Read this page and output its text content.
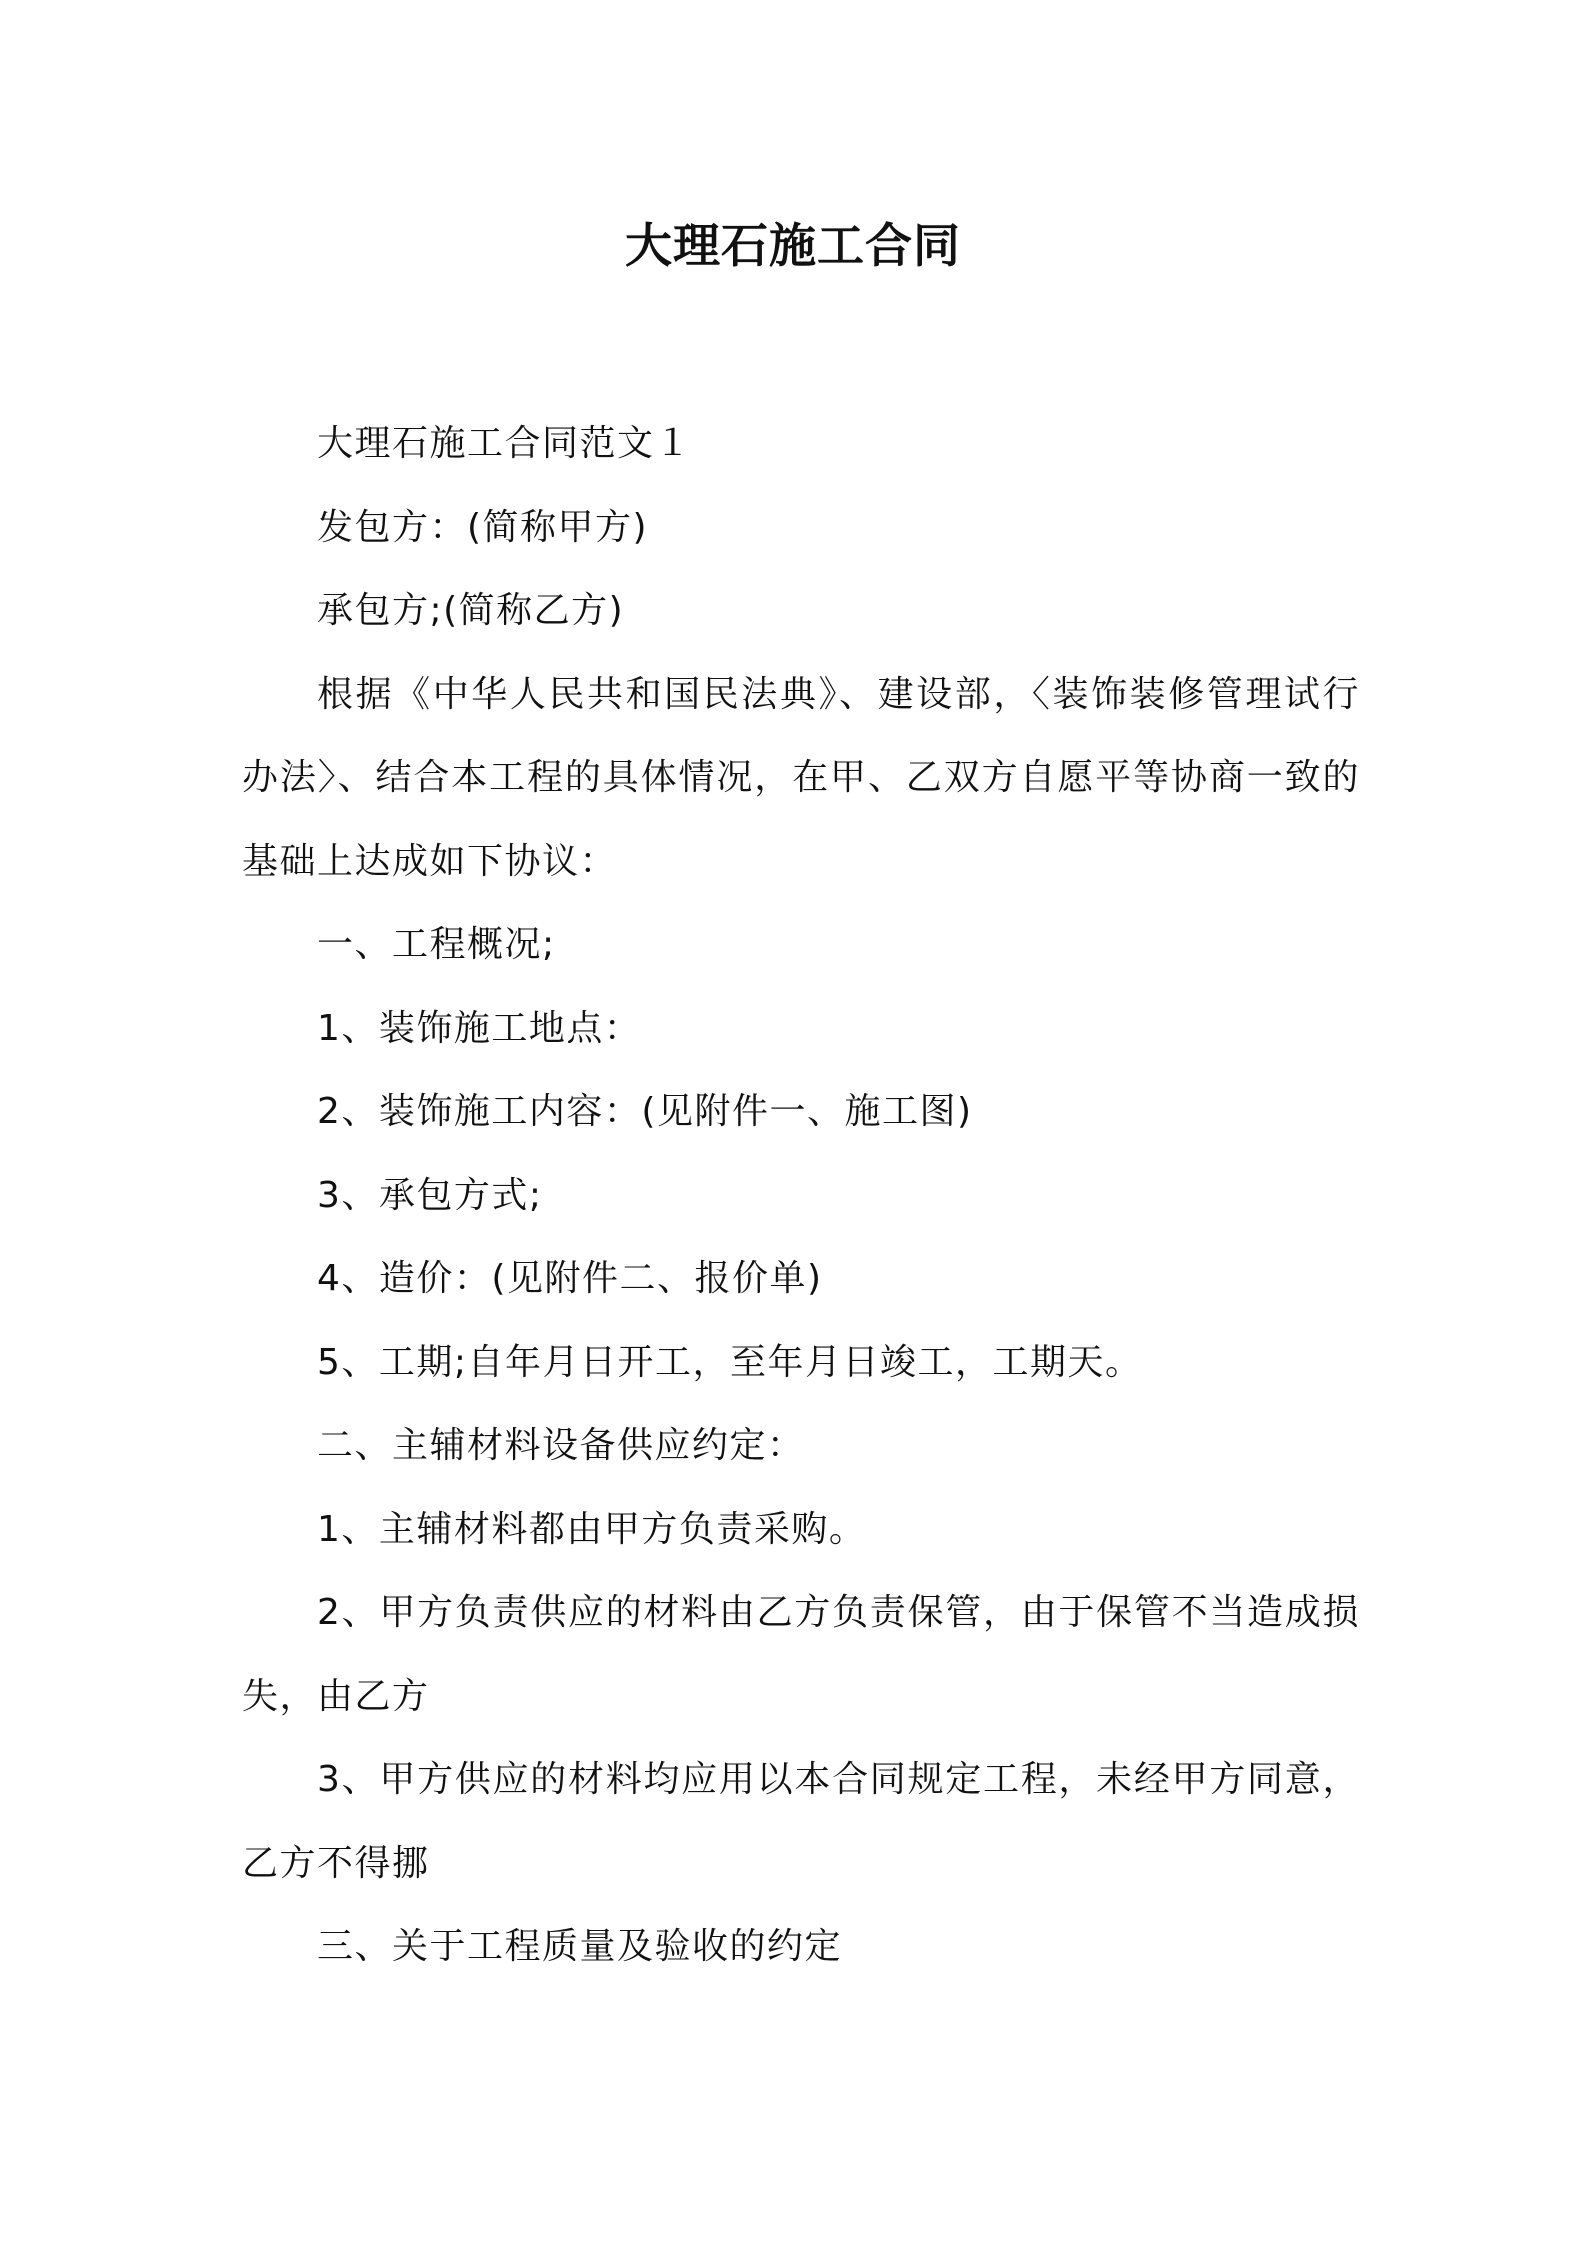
大理石施工合同

大理石施工合同范文１

发包方：(简称甲方)

承包方;(简称乙方)

根据《中华人民共和国民法典》、建设部，〈装饰装修管理试行办法〉、结合本工程的具体情况，在甲、乙双方自愿平等协商一致的基础上达成如下协议：

一、工程概况;

1、装饰施工地点：

2、装饰施工内容：(见附件一、施工图)

3、承包方式;

4、造价：(见附件二、报价单)

5、工期;自年月日开工，至年月日竣工，工期天。

二、主辅材料设备供应约定：

1、主辅材料都由甲方负责采购。

2、甲方负责供应的材料由乙方负责保管，由于保管不当造成损失，由乙方

3、甲方供应的材料均应用以本合同规定工程，未经甲方同意，乙方不得挪

三、关于工程质量及验收的约定
